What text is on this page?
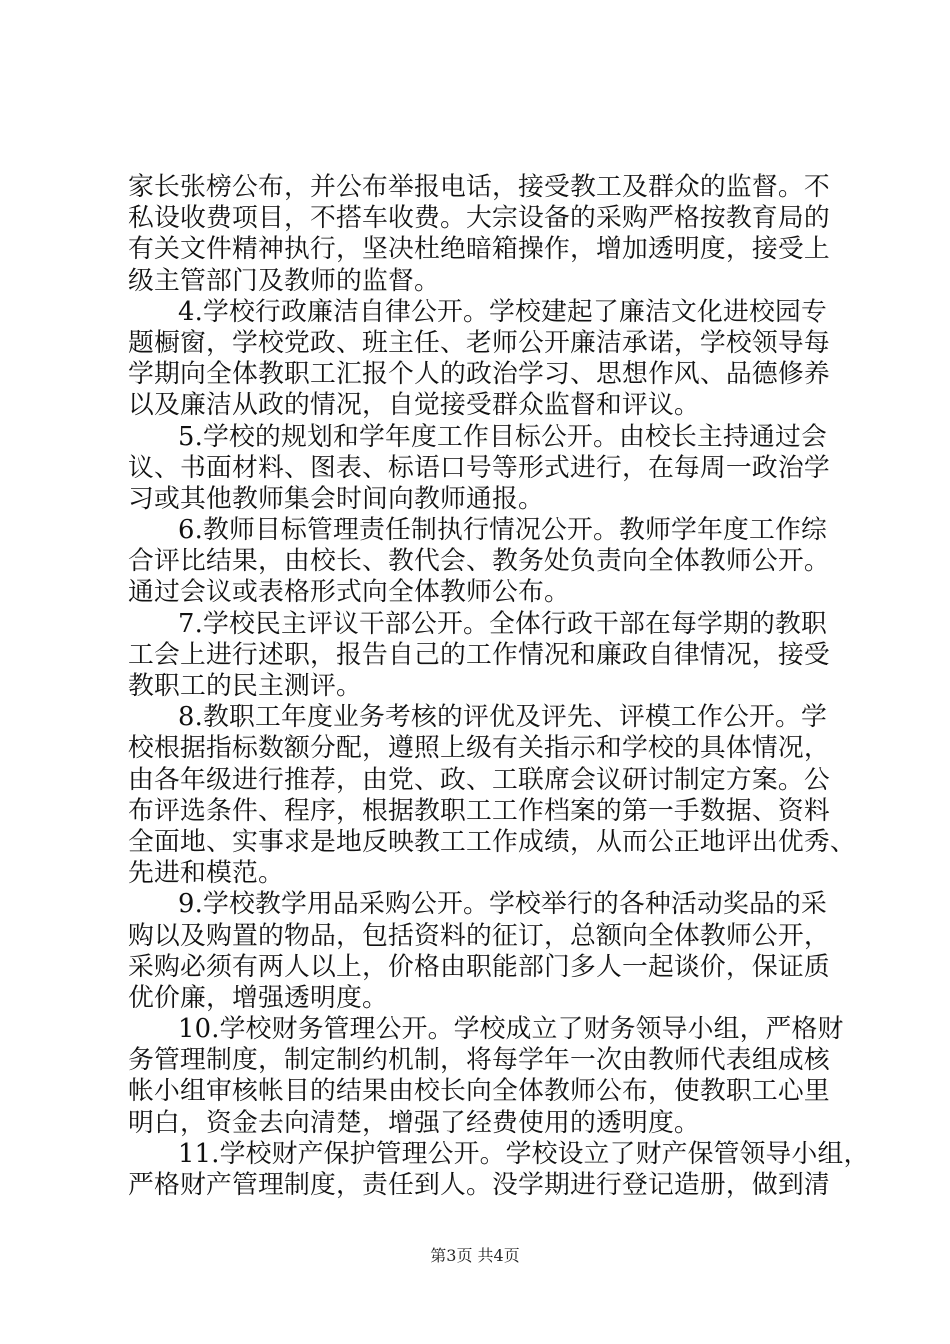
家长张榜公布，并公布举报电话，接受教工及群众的监督。不
私设收费项目，不搭车收费。大宗设备的采购严格按教育局的
有关文件精神执行，坚决杜绝暗箱操作，增加透明度，接受上
级主管部门及教师的监督。
4.学校行政廉洁自律公开。学校建起了廉洁文化进校园专
题橱窗，学校党政、班主任、老师公开廉洁承诺，学校领导每
学期向全体教职工汇报个人的政治学习、思想作风、品德修养
以及廉洁从政的情况，自觉接受群众监督和评议。
5.学校的规划和学年度工作目标公开。由校长主持通过会
议、书面材料、图表、标语口号等形式进行，在每周一政治学
习或其他教师集会时间向教师通报。
6.教师目标管理责任制执行情况公开。教师学年度工作综
合评比结果，由校长、教代会、教务处负责向全体教师公开。
通过会议或表格形式向全体教师公布。
7.学校民主评议干部公开。全体行政干部在每学期的教职
工会上进行述职，报告自己的工作情况和廉政自律情况，接受
教职工的民主测评。
8.教职工年度业务考核的评优及评先、评模工作公开。学
校根据指标数额分配，遵照上级有关指示和学校的具体情况，
由各年级进行推荐，由党、政、工联席会议研讨制定方案。公
布评选条件、程序，根据教职工工作档案的第一手数据、资料
全面地、实事求是地反映教工工作成绩，从而公正地评出优秀、
先进和模范。
9.学校教学用品采购公开。学校举行的各种活动奖品的采
购以及购置的物品，包括资料的征订，总额向全体教师公开，
采购必须有两人以上，价格由职能部门多人一起谈价，保证质
优价廉，增强透明度。
10.学校财务管理公开。学校成立了财务领导小组，严格财
务管理制度，制定制约机制，将每学年一次由教师代表组成核
帐小组审核帐目的结果由校长向全体教师公布，使教职工心里
明白，资金去向清楚，增强了经费使用的透明度。
11.学校财产保护管理公开。学校设立了财产保管领导小组，
严格财产管理制度，责任到人。没学期进行登记造册，做到清
第3页 共4页
